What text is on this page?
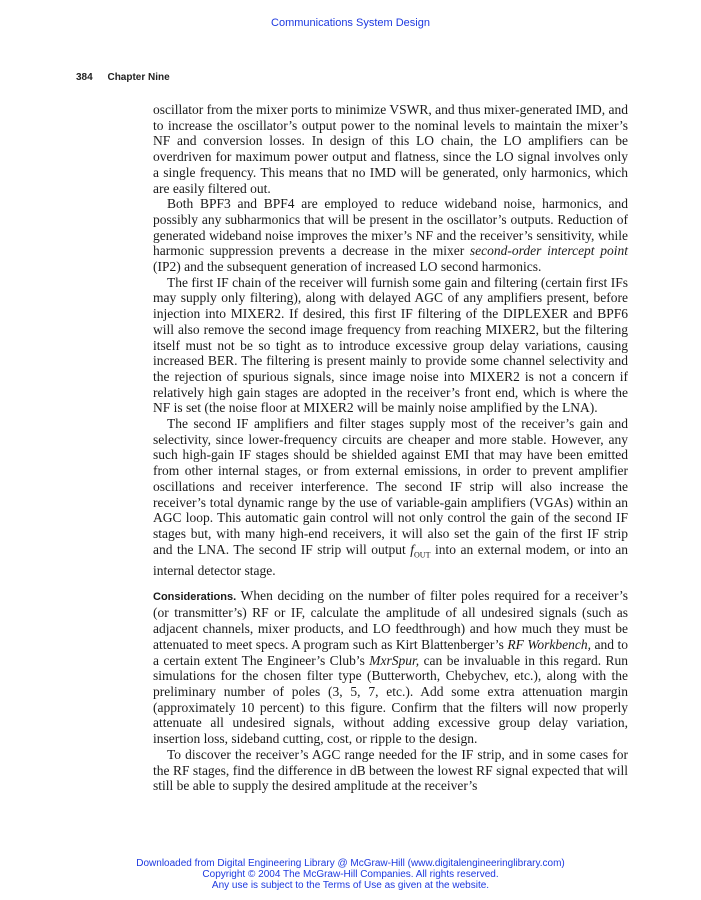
Communications System Design
384 Chapter Nine

oscillator from the mixer ports to minimize VSWR, and thus mixer-generated IMD, and to increase the oscillator’s output power to the nominal levels to maintain the mixer’s NF and conversion losses. In design of this LO chain, the LO amplifiers can be overdriven for maximum power output and flatness, since the LO signal involves only a single frequency. This means that no IMD will be generated, only harmonics, which are easily filtered out.

Both BPF3 and BPF4 are employed to reduce wideband noise, harmonics, and possibly any subharmonics that will be present in the oscillator’s outputs. Reduction of generated wideband noise improves the mixer’s NF and the receiver’s sensitivity, while harmonic suppression prevents a decrease in the mixer second-order intercept point (IP2) and the subsequent generation of increased LO second harmonics.

The first IF chain of the receiver will furnish some gain and filtering (certain first IFs may supply only filtering), along with delayed AGC of any amplifiers present, before injection into MIXER2. If desired, this first IF filtering of the DIPLEXER and BPF6 will also remove the second image frequency from reaching MIXER2, but the filtering itself must not be so tight as to introduce excessive group delay variations, causing increased BER. The filtering is present mainly to provide some channel selectivity and the rejection of spurious signals, since image noise into MIXER2 is not a concern if relatively high gain stages are adopted in the receiver’s front end, which is where the NF is set (the noise floor at MIXER2 will be mainly noise amplified by the LNA).

The second IF amplifiers and filter stages supply most of the receiver’s gain and selectivity, since lower-frequency circuits are cheaper and more stable. However, any such high-gain IF stages should be shielded against EMI that may have been emitted from other internal stages, or from external emissions, in order to prevent amplifier oscillations and receiver interference. The second IF strip will also increase the receiver’s total dynamic range by the use of variable-gain amplifiers (VGAs) within an AGC loop. This automatic gain control will not only control the gain of the second IF stages but, with many high-end receivers, it will also set the gain of the first IF strip and the LNA. The second IF strip will output $f_{OUT}$ into an external modem, or into an internal detector stage.

Considerations. When deciding on the number of filter poles required for a receiver’s (or transmitter’s) RF or IF, calculate the amplitude of all undesired signals (such as adjacent channels, mixer products, and LO feedthrough) and how much they must be attenuated to meet specs. A program such as Kirt Blattenberger’s RF Workbench, and to a certain extent The Engineer’s Club’s MxrSpur, can be invaluable in this regard. Run simulations for the chosen filter type (Butterworth, Chebychev, etc.), along with the preliminary number of poles (3, 5, 7, etc.). Add some extra attenuation margin (approximately 10 percent) to this figure. Confirm that the filters will now properly attenuate all undesired signals, without adding excessive group delay variation, insertion loss, sideband cutting, cost, or ripple to the design.

To discover the receiver’s AGC range needed for the IF strip, and in some cases for the RF stages, find the difference in dB between the lowest RF signal expected that will still be able to supply the desired amplitude at the receiver’s

Downloaded from Digital Engineering Library @ McGraw-Hill (www.digitalengineeringlibrary.com)
Copyright © 2004 The McGraw-Hill Companies. All rights reserved.
Any use is subject to the Terms of Use as given at the website.
